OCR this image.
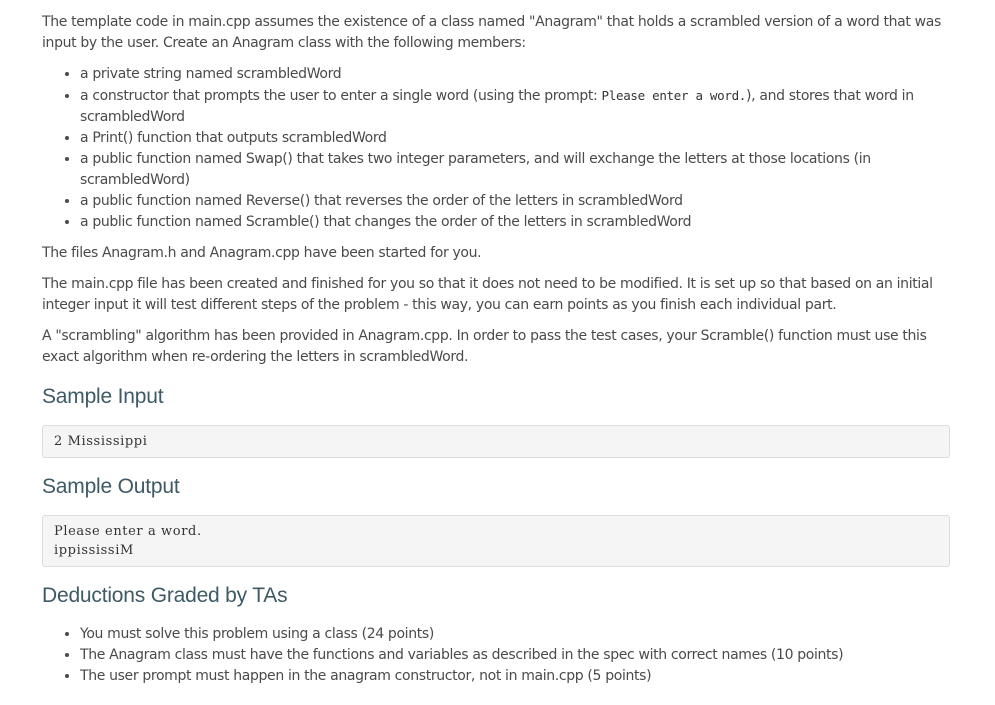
The template code in main.cpp assumes the existence of a class named "Anagram" that holds a scrambled version of a word that was input by the user. Create an Anagram class with the following members:

• a private string named scrambledWord
• a constructor that prompts the user to enter a single word (using the prompt: Please enter a word.), and stores that word in scrambledWord
• a Print() function that outputs scrambledWord
• a public function named Swap() that takes two integer parameters, and will exchange the letters at those locations (in scrambledWord)
• a public function named Reverse() that reverses the order of the letters in scrambledWord
• a public function named Scramble() that changes the order of the letters in scrambledWord

The files Anagram.h and Anagram.cpp have been started for you.

The main.cpp file has been created and finished for you so that it does not need to be modified. It is set up so that based on an initial integer input it will test different steps of the problem - this way, you can earn points as you finish each individual part.

A "scrambling" algorithm has been provided in Anagram.cpp. In order to pass the test cases, your Scramble() function must use this exact algorithm when re-ordering the letters in scrambledWord.

Sample Input
2 Mississippi
Sample Output
Please enter a word.
ippississiM
Deductions Graded by TAs
• You must solve this problem using a class (24 points)
• The Anagram class must have the functions and variables as described in the spec with correct names (10 points)
• The user prompt must happen in the anagram constructor, not in main.cpp (5 points)
